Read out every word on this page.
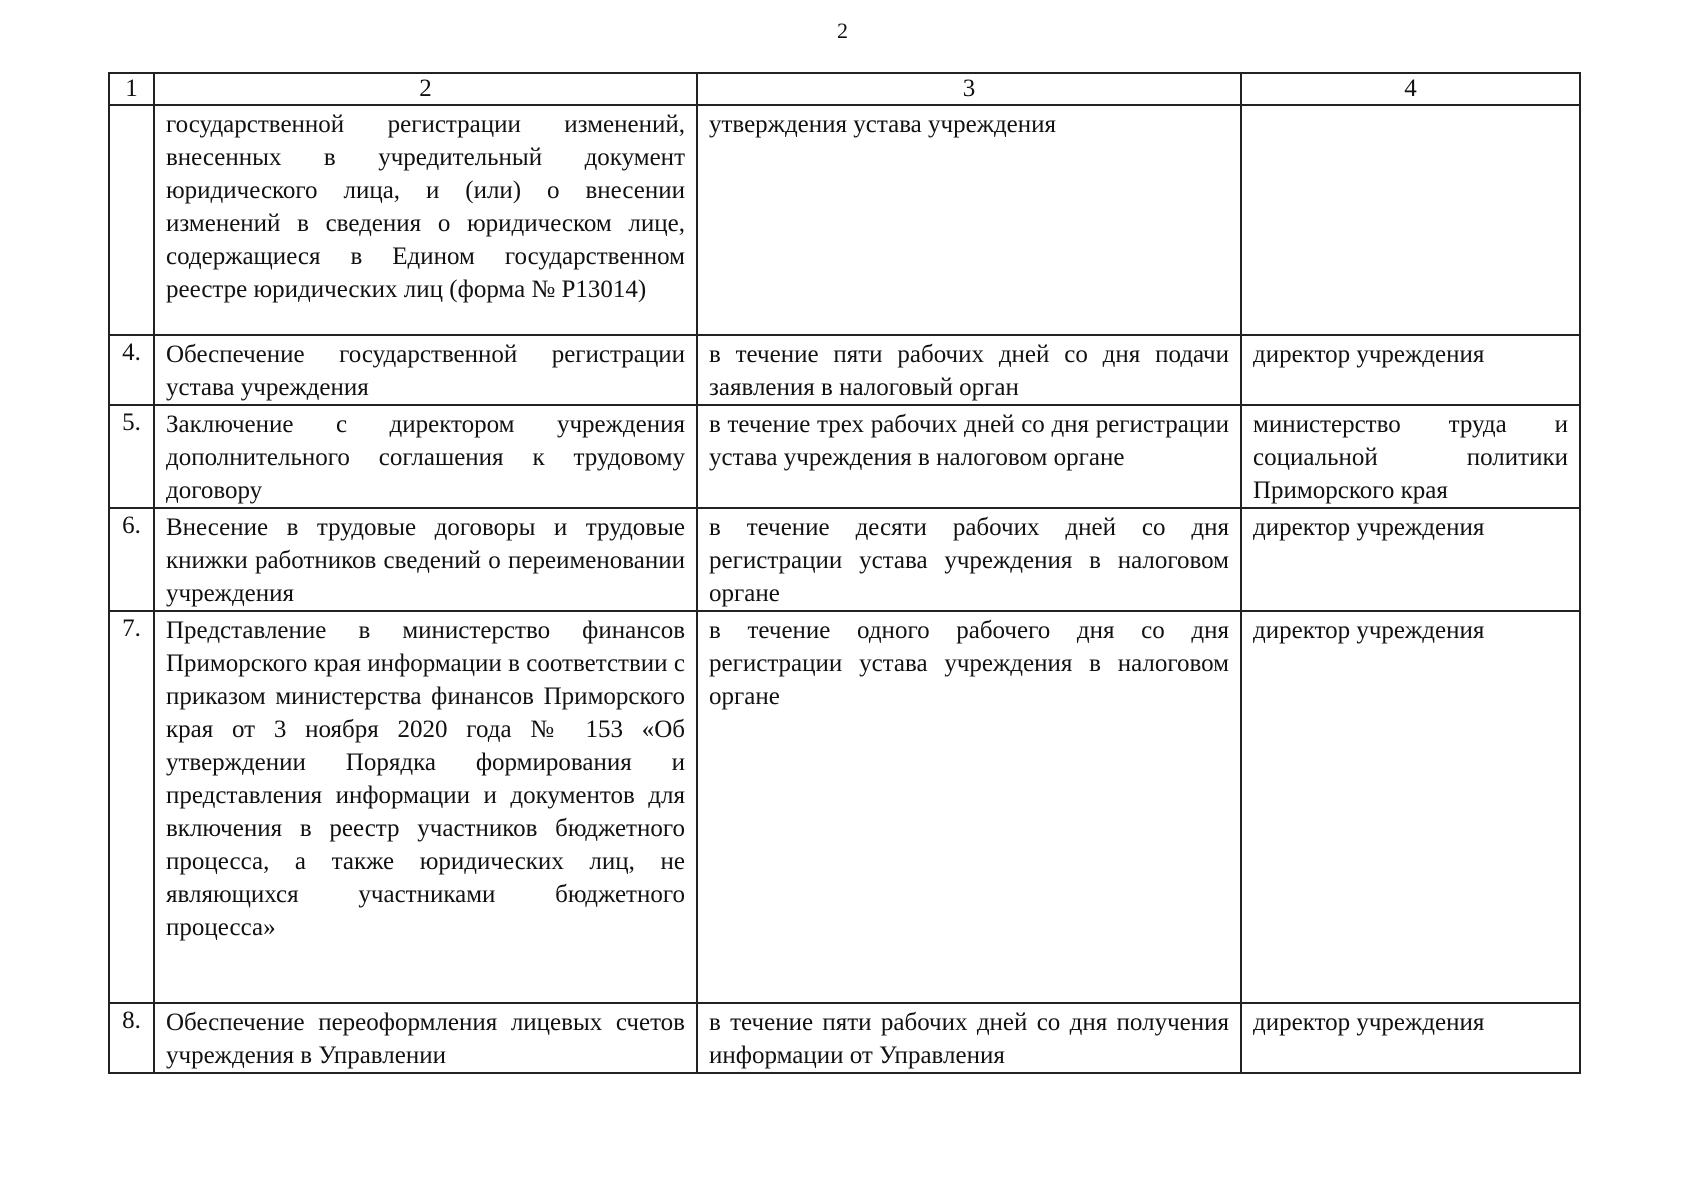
2
1	2	3	4

	государственной регистрации изменений, внесенных в учредительный документ юридического лица, и (или) о внесении изменений в сведения о юридическом лице, содержащиеся в Едином государственном реестре юридических лиц (форма № Р13014)	утверждения устава учреждения	

4.	Обеспечение государственной регистрации устава учреждения	в течение пяти рабочих дней со дня подачи заявления в налоговый орган	директор учреждения

5.	Заключение с директором учреждения дополнительного соглашения к трудовому договору	в течение трех рабочих дней со дня регистрации устава учреждения в налоговом органе	министерство труда и социальной политики Приморского края

6.	Внесение в трудовые договоры и трудовые книжки работников сведений о переименовании учреждения	в течение десяти рабочих дней со дня регистрации устава учреждения в налоговом органе	директор учреждения

7.	Представление в министерство финансов Приморского края информации в соответствии с приказом министерства финансов Приморского края от 3 ноября 2020 года № 153 «Об утверждении Порядка формирования и представления информации и документов для включения в реестр участников бюджетного процесса, а также юридических лиц, не являющихся участниками бюджетного процесса»	в течение одного рабочего дня со дня регистрации устава учреждения в налоговом органе	директор учреждения

8.	Обеспечение переоформления лицевых счетов учреждения в Управлении	в течение пяти рабочих дней со дня получения информации от Управления	директор учреждения
